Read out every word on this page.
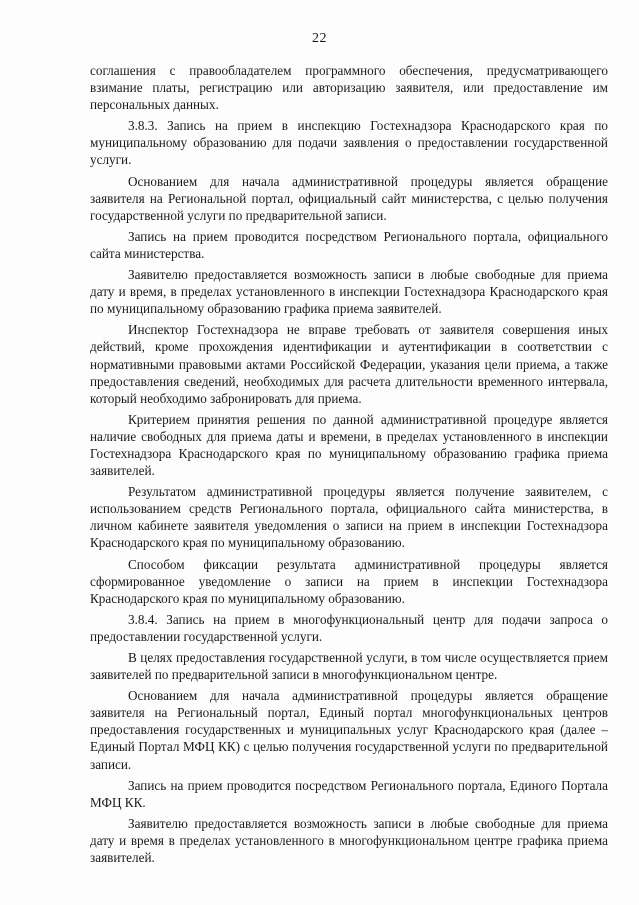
22

соглашения с правообладателем программного обеспечения, предусматривающего взимание платы, регистрацию или авторизацию заявителя, или предоставление им персональных данных.

3.8.3. Запись на прием в инспекцию Гостехнадзора Краснодарского края по муниципальному образованию для подачи заявления о предоставлении государственной услуги.

Основанием для начала административной процедуры является обращение заявителя на Региональной портал, официальный сайт министерства, с целью получения государственной услуги по предварительной записи.

Запись на прием проводится посредством Регионального портала, официального сайта министерства.

Заявителю предоставляется возможность записи в любые свободные для приема дату и время, в пределах установленного в инспекции Гостехнадзора Краснодарского края по муниципальному образованию графика приема заявителей.

Инспектор Гостехнадзора не вправе требовать от заявителя совершения иных действий, кроме прохождения идентификации и аутентификации в соответствии с нормативными правовыми актами Российской Федерации, указания цели приема, а также предоставления сведений, необходимых для расчета длительности временного интервала, который необходимо забронировать для приема.

Критерием принятия решения по данной административной процедуре является наличие свободных для приема даты и времени, в пределах установленного в инспекции Гостехнадзора Краснодарского края по муниципальному образованию графика приема заявителей.

Результатом административной процедуры является получение заявителем, с использованием средств Регионального портала, официального сайта министерства, в личном кабинете заявителя уведомления о записи на прием в инспекции Гостехнадзора Краснодарского края по муниципальному образованию.

Способом фиксации результата административной процедуры является сформированное уведомление о записи на прием в инспекции Гостехнадзора Краснодарского края по муниципальному образованию.

3.8.4. Запись на прием в многофункциональный центр для подачи запроса о предоставлении государственной услуги.

В целях предоставления государственной услуги, в том числе осуществляется прием заявителей по предварительной записи в многофункциональном центре.

Основанием для начала административной процедуры является обращение заявителя на Региональный портал, Единый портал многофункциональных центров предоставления государственных и муниципальных услуг Краснодарского края (далее – Единый Портал МФЦ КК) с целью получения государственной услуги по предварительной записи.

Запись на прием проводится посредством Регионального портала, Единого Портала МФЦ КК.

Заявителю предоставляется возможность записи в любые свободные для приема дату и время в пределах установленного в многофункциональном центре графика приема заявителей.
